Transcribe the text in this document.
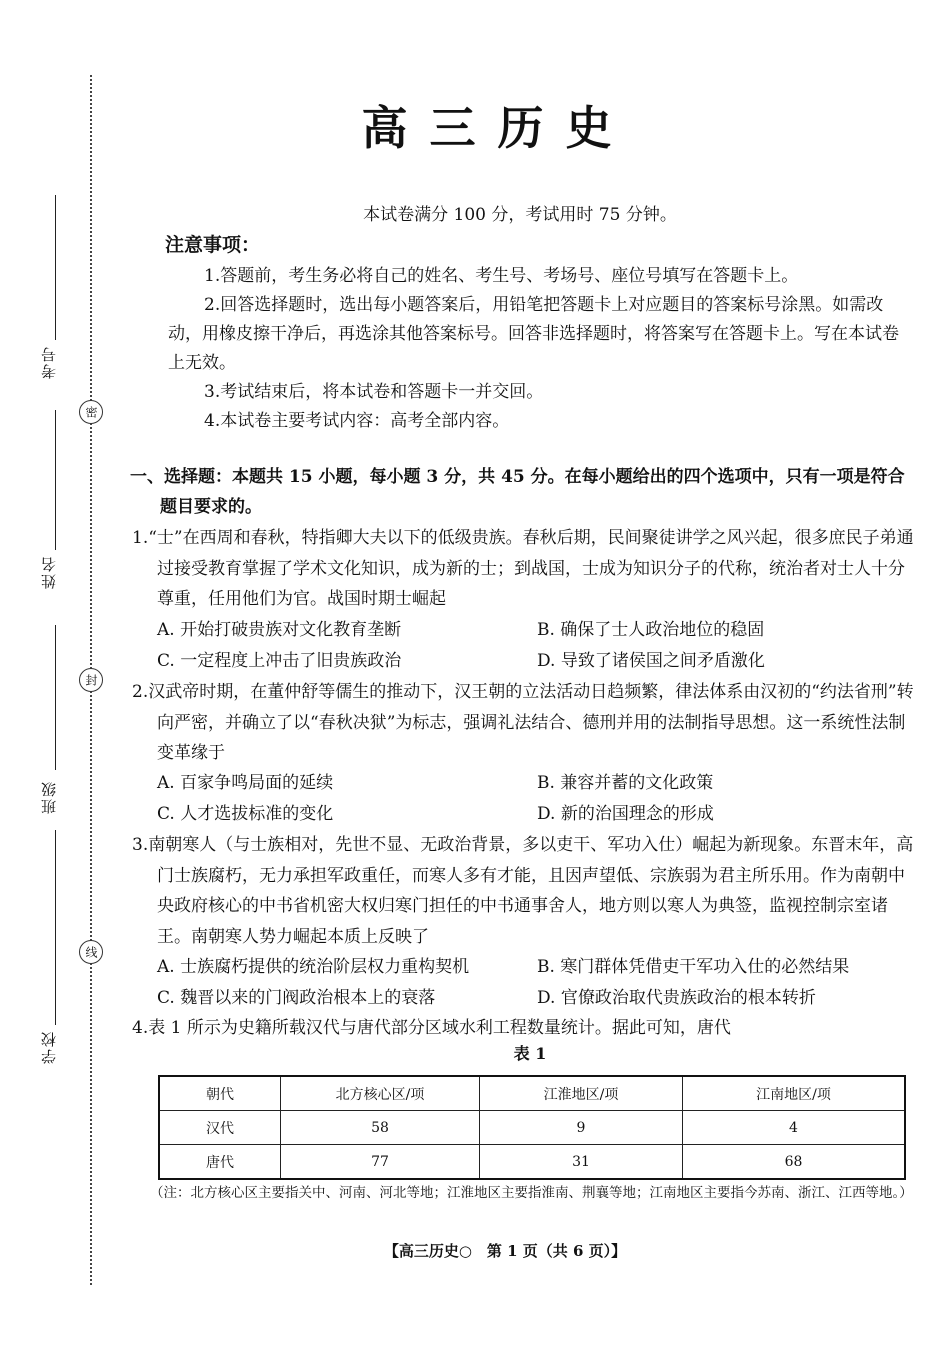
考号
密
姓名
封
班级
线
学校
高三历史
本试卷满分 100 分，考试用时 75 分钟。
注意事项：
1.答题前，考生务必将自己的姓名、考生号、考场号、座位号填写在答题卡上。
2.回答选择题时，选出每小题答案后，用铅笔把答题卡上对应题目的答案标号涂黑。如需改动，用橡皮擦干净后，再选涂其他答案标号。回答非选择题时，将答案写在答题卡上。写在本试卷上无效。
3.考试结束后，将本试卷和答题卡一并交回。
4.本试卷主要考试内容：高考全部内容。
一、选择题：本题共 15 小题，每小题 3 分，共 45 分。在每小题给出的四个选项中，只有一项是符合题目要求的。
1.“士”在西周和春秋，特指卿大夫以下的低级贵族。春秋后期，民间聚徒讲学之风兴起，很多庶民子弟通过接受教育掌握了学术文化知识，成为新的士；到战国，士成为知识分子的代称，统治者对士人十分尊重，任用他们为官。战国时期士崛起
A. 开始打破贵族对文化教育垄断	B. 确保了士人政治地位的稳固
C. 一定程度上冲击了旧贵族政治	D. 导致了诸侯国之间矛盾激化
2.汉武帝时期，在董仲舒等儒生的推动下，汉王朝的立法活动日趋频繁，律法体系由汉初的“约法省刑”转向严密，并确立了以“春秋决狱”为标志，强调礼法结合、德刑并用的法制指导思想。这一系统性法制变革缘于
A. 百家争鸣局面的延续	B. 兼容并蓄的文化政策
C. 人才选拔标准的变化	D. 新的治国理念的形成
3.南朝寒人（与士族相对，先世不显、无政治背景，多以吏干、军功入仕）崛起为新现象。东晋末年，高门士族腐朽，无力承担军政重任，而寒人多有才能，且因声望低、宗族弱为君主所乐用。作为南朝中央政府核心的中书省机密大权归寒门担任的中书通事舍人，地方则以寒人为典签，监视控制宗室诸王。南朝寒人势力崛起本质上反映了
A. 士族腐朽提供的统治阶层权力重构契机	B. 寒门群体凭借吏干军功入仕的必然结果
C. 魏晋以来的门阀政治根本上的衰落	D. 官僚政治取代贵族政治的根本转折
4.表 1 所示为史籍所载汉代与唐代部分区域水利工程数量统计。据此可知，唐代
表 1
朝代	北方核心区/项	江淮地区/项	江南地区/项
汉代	58	9	4
唐代	77	31	68
（注：北方核心区主要指关中、河南、河北等地；江淮地区主要指淮南、荆襄等地；江南地区主要指今苏南、浙江、江西等地。）
【高三历史○　第 1 页（共 6 页）】
